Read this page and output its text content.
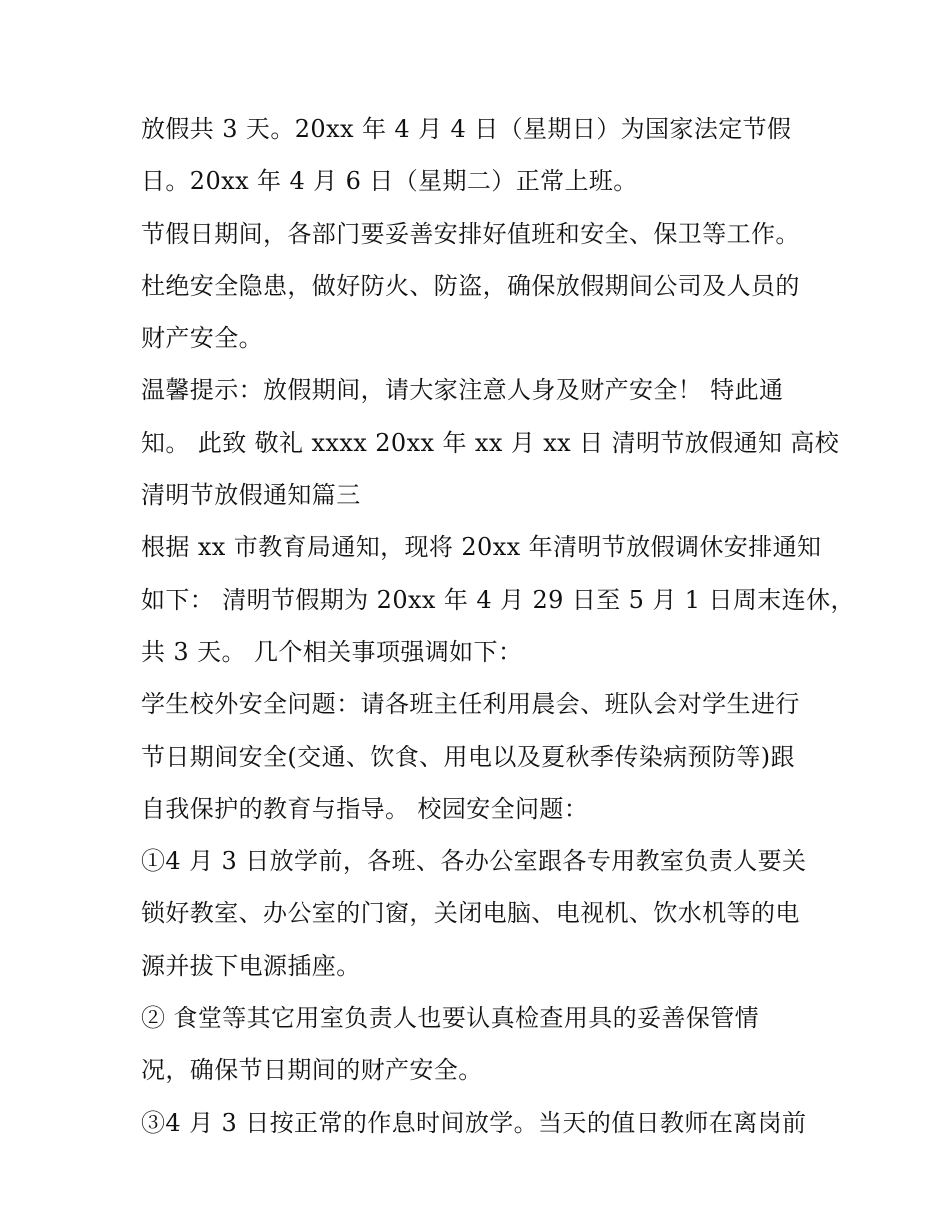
放假共 3 天。20xx 年 4 月 4 日（星期日）为国家法定节假
日。20xx 年 4 月 6 日（星期二）正常上班。
节假日期间，各部门要妥善安排好值班和安全、保卫等工作。
杜绝安全隐患，做好防火、防盗，确保放假期间公司及人员的
财产安全。
温馨提示：放假期间，请大家注意人身及财产安全！ 特此通
知。 此致 敬礼 xxxx 20xx 年 xx 月 xx 日 清明节放假通知 高校
清明节放假通知篇三
根据 xx 市教育局通知，现将 20xx 年清明节放假调休安排通知
如下： 清明节假期为 20xx 年 4 月 29 日至 5 月 1 日周末连休，
共 3 天。 几个相关事项强调如下：
学生校外安全问题：请各班主任利用晨会、班队会对学生进行
节日期间安全(交通、饮食、用电以及夏秋季传染病预防等)跟
自我保护的教育与指导。 校园安全问题：
①4 月 3 日放学前，各班、各办公室跟各专用教室负责人要关
锁好教室、办公室的门窗，关闭电脑、电视机、饮水机等的电
源并拔下电源插座。
② 食堂等其它用室负责人也要认真检查用具的妥善保管情
况，确保节日期间的财产安全。
③4 月 3 日按正常的作息时间放学。当天的值日教师在离岗前
